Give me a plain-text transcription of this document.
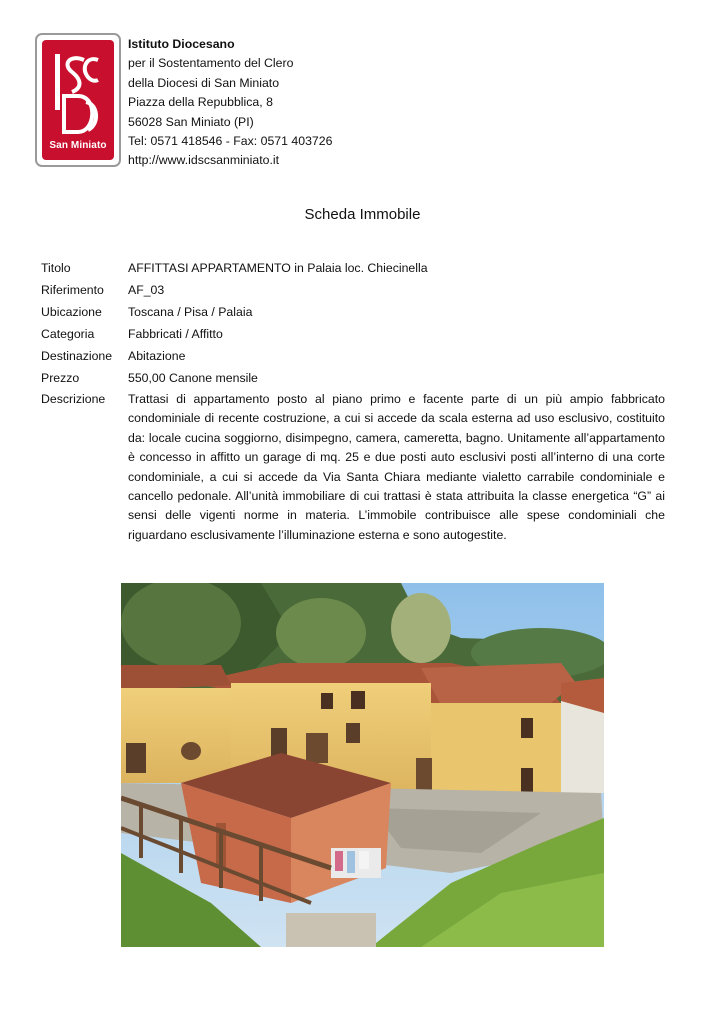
San Miniato
Istituto Diocesano
per il Sostentamento del Clero
della Diocesi di San Miniato
Piazza della Repubblica, 8
56028 San Miniato (PI)
Tel: 0571 418546 - Fax: 0571 403726
http://www.idscsanminiato.it
Scheda Immobile
Titolo	AFFITTASI APPARTAMENTO in Palaia loc. Chiecinella
Riferimento	AF_03
Ubicazione	Toscana / Pisa / Palaia
Categoria	Fabbricati / Affitto
Destinazione	Abitazione
Prezzo	550,00 Canone mensile
Descrizione	Trattasi di appartamento posto al piano primo e facente parte di un più ampio fabbricato condominiale di recente costruzione, a cui si accede da scala esterna ad uso esclusivo, costituito da: locale cucina soggiorno, disimpegno, camera, cameretta, bagno. Unitamente all’appartamento è concesso in affitto un garage di mq. 25 e due posti auto esclusivi posti all’interno di una corte condominiale, a cui si accede da Via Santa Chiara mediante vialetto carrabile condominiale e cancello pedonale. All’unità immobiliare di cui trattasi è stata attribuita la classe energetica “G” ai sensi delle vigenti norme in materia. L’immobile contribuisce alle spese condominiali che riguardano esclusivamente l’illuminazione esterna e sono autogestite.
